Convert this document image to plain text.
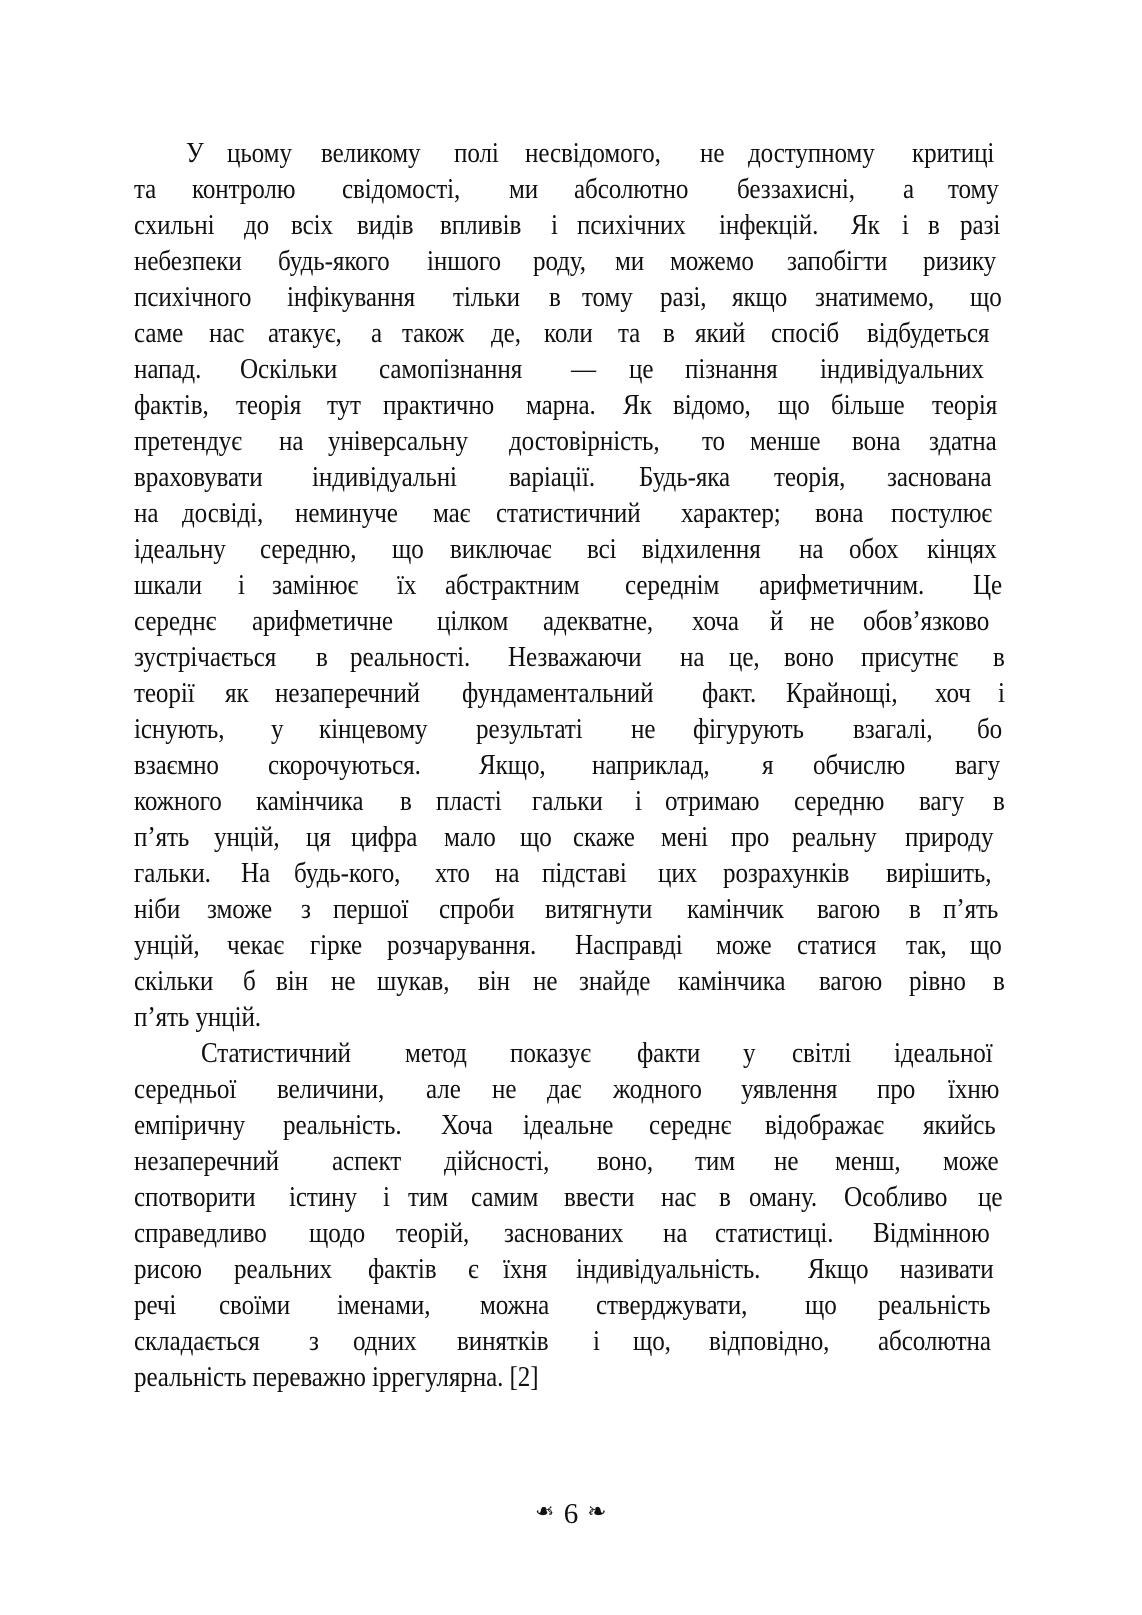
У цьому	великому	полі несвідомого,	не доступному	критиці
та контролю	свідомості,	ми абсолютно	беззахисні,	а тому
схильні	до всіх видів впливів	і психічних	інфекцій.	Як і в разі
небезпеки	будь-якого	іншого	роду, ми можемо	запобігти	ризику
психічного	інфікування	тільки	в тому разі, якщо знатимемо,	що
саме нас атакує,	а також де, коли та в який спосіб відбудеться
напад.	Оскільки	самопізнання	— це пізнання	індивідуальних
фактів, теорія тут практично	марна. Як відомо, що більше теорія
претендує	на універсальну	достовірність,	то менше	вона здатна
враховувати	індивідуальні	варіації.	Будь-яка	теорія,	заснована
на досвіді,	неминуче	має статистичний	характер;	вона постулює
ідеальну	середню,	що виключає	всі відхилення	на обох кінцях
шкали	і замінює	їх абстрактним	середнім	арифметичним.	Це
середнє	арифметичне	цілком	адекватне,	хоча й не обов’язково
зустрічається	в реальності.	Незважаючи	на це, воно присутнє	в
теорії як незаперечний	фундаментальний	факт. Крайнощі,	хоч і
існують,	у кінцевому	результаті	не фігурують	взагалі,	бо
взаємно	скорочуються.	Якщо,	наприклад,	я обчислю	вагу
кожного	камінчика	в пласті	гальки	і отримаю	середню	вагу в
п’ять унцій, ця цифра мало що скаже мені про реальну	природу
гальки.	На будь-кого,	хто на підставі	цих розрахунків	вирішить,
ніби зможе	з першої	спроби	витягнути	камінчик	вагою	в п’ять
унцій, чекає гірке розчарування.	Насправді	може статися	так, що
скільки	б він не шукав, він не знайде камінчика	вагою рівно в
п’ять унцій.

Статистичний	метод показує	факти	у світлі ідеальної
середньої	величини,	але не дає жодного	уявлення	про їхню
емпіричну	реальність.	Хоча ідеальне	середнє	відображає	якийсь
незаперечний	аспект	дійсності,	воно, тим не менш,	може
спотворити	істину і тим самим ввести нас в оману. Особливо	це
справедливо	щодо теорій,	заснованих	на статистиці.	Відмінною
рисою	реальних	фактів	є їхня індивідуальність.	Якщо називати
речі своїми	іменами,	можна	стверджувати,	що реальність
складається	з одних	винятків	і що, відповідно,	абсолютна
реальність переважно іррегулярна. [2]

❧ 6 ❧
